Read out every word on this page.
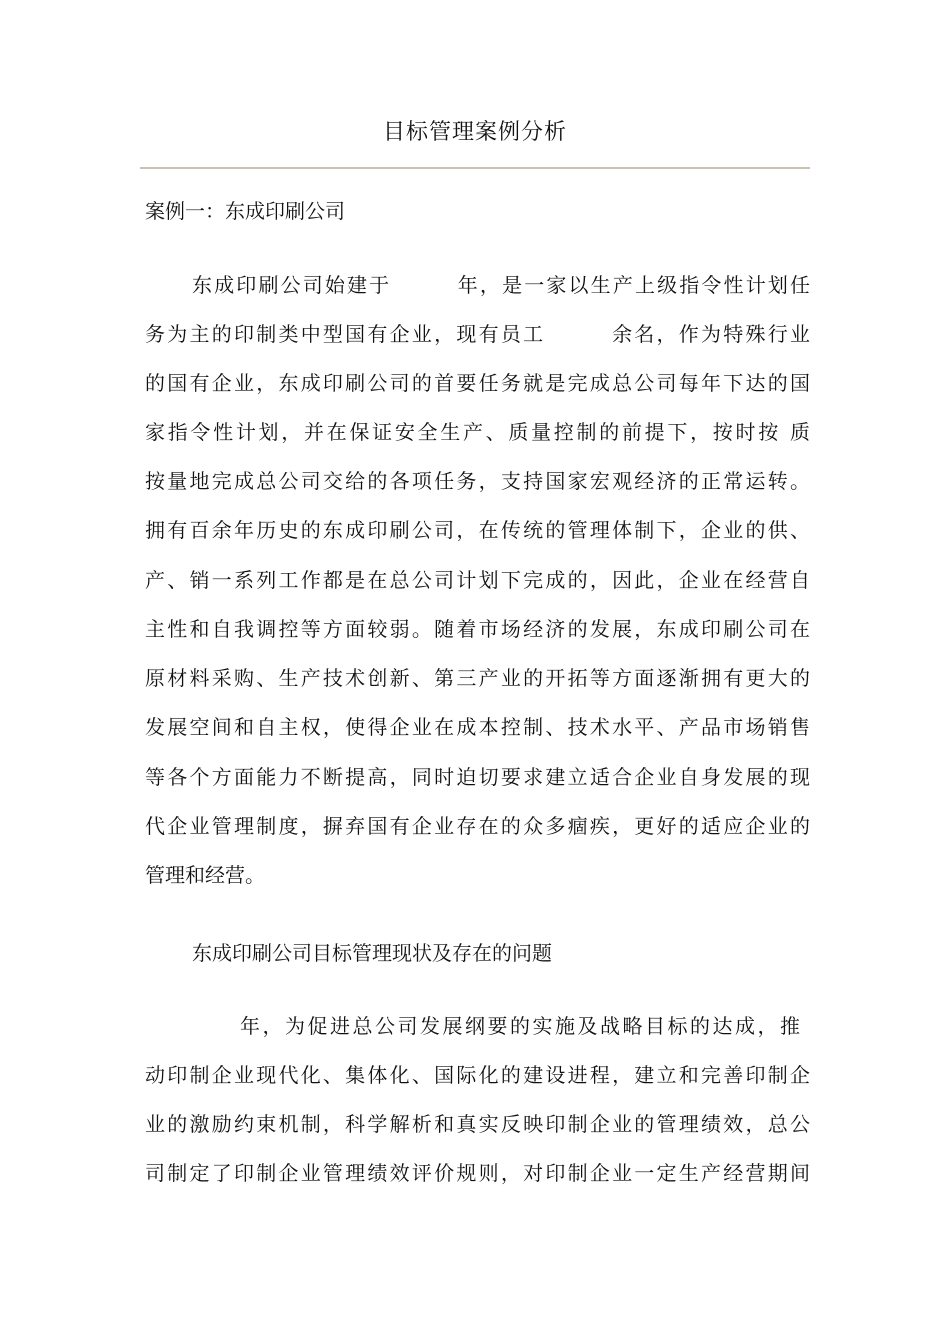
目标管理案例分析
案例一：东成印刷公司
东成印刷公司始建于　　　年，是一家以生产上级指令性计划任
务为主的印制类中型国有企业，现有员工　　　余名，作为特殊行业
的国有企业，东成印刷公司的首要任务就是完成总公司每年下达的国
家指令性计划，并在保证安全生产、质量控制的前提下，按时按 质
按量地完成总公司交给的各项任务，支持国家宏观经济的正常运转。
拥有百余年历史的东成印刷公司，在传统的管理体制下，企业的供、
产、销一系列工作都是在总公司计划下完成的，因此，企业在经营自
主性和自我调控等方面较弱。随着市场经济的发展，东成印刷公司在
原材料采购、生产技术创新、第三产业的开拓等方面逐渐拥有更大的
发展空间和自主权，使得企业在成本控制、技术水平、产品市场销售
等各个方面能力不断提高，同时迫切要求建立适合企业自身发展的现
代企业管理制度，摒弃国有企业存在的众多痼疾，更好的适应企业的
管理和经营。
东成印刷公司目标管理现状及存在的问题
年，为促进总公司发展纲要的实施及战略目标的达成，推
动印制企业现代化、集体化、国际化的建设进程，建立和完善印制企
业的激励约束机制，科学解析和真实反映印制企业的管理绩效，总公
司制定了印制企业管理绩效评价规则，对印制企业一定生产经营期间
